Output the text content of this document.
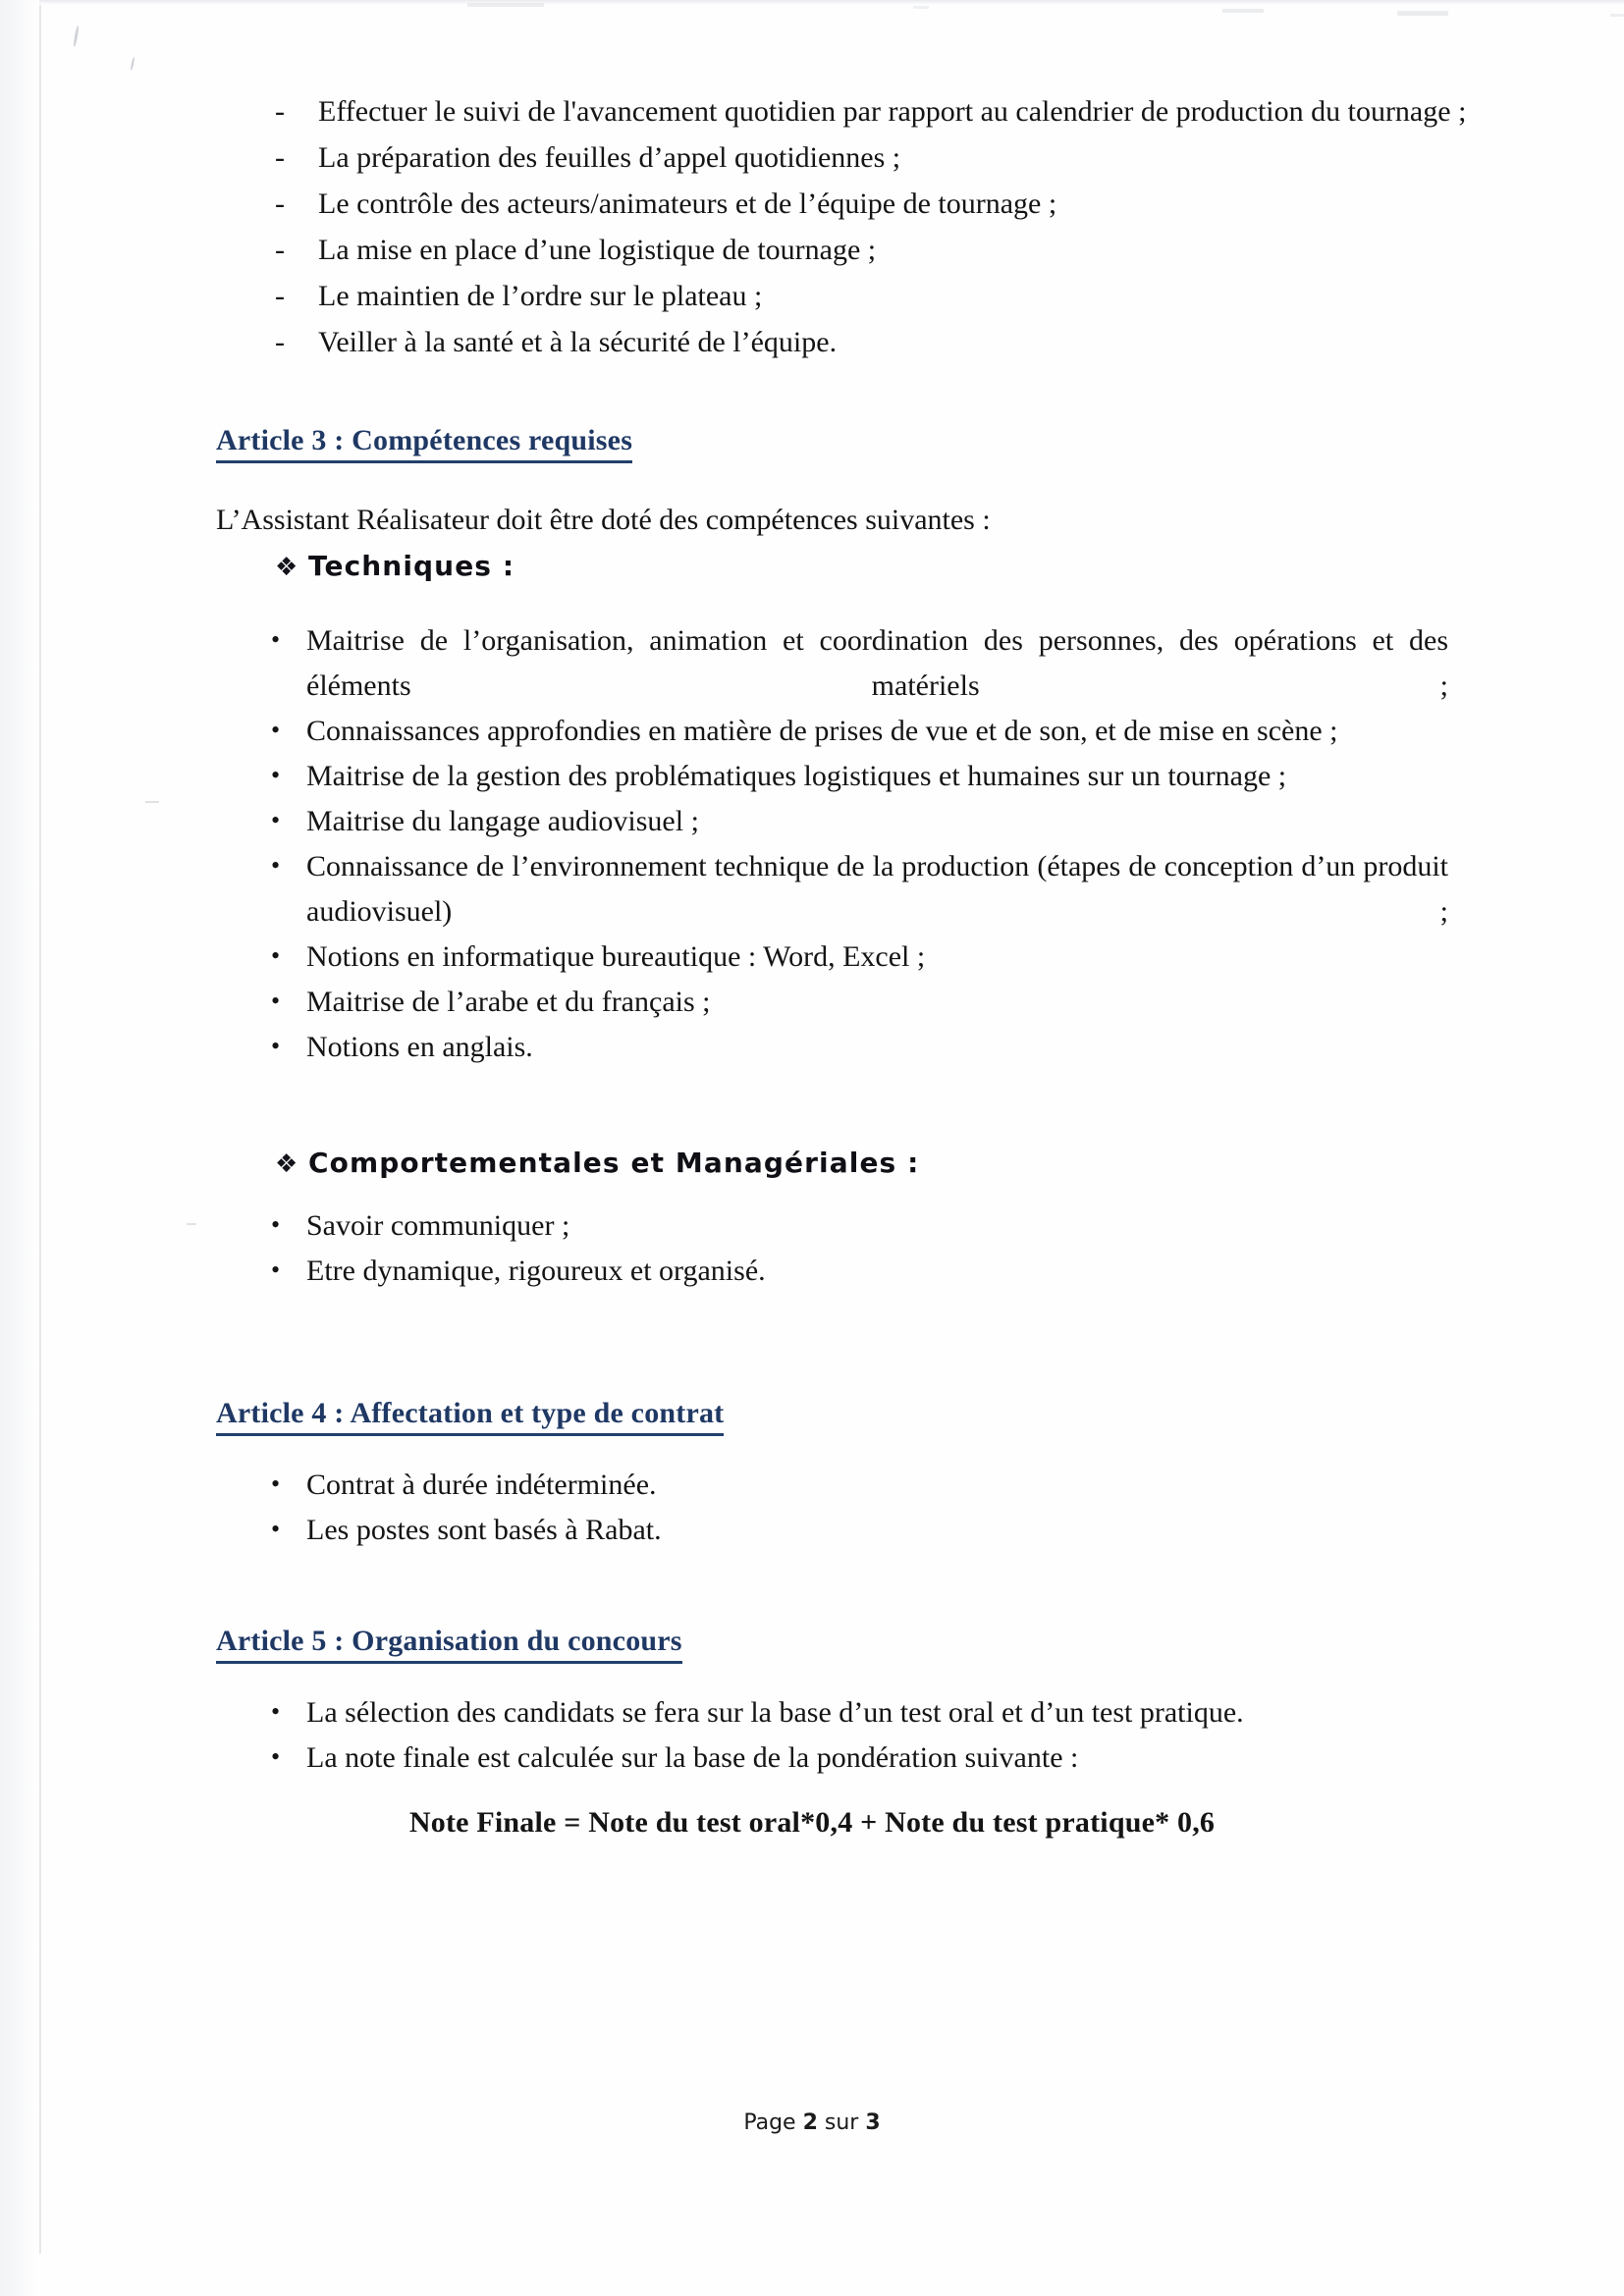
- Effectuer le suivi de l'avancement quotidien par rapport au calendrier de production du tournage ;
- La préparation des feuilles d’appel quotidiennes ;
- Le contrôle des acteurs/animateurs et de l’équipe de tournage ;
- La mise en place d’une logistique de tournage ;
- Le maintien de l’ordre sur le plateau ;
- Veiller à la santé et à la sécurité de l’équipe.
Article 3 : Compétences requises
L’Assistant Réalisateur doit être doté des compétences suivantes :
❖ Techniques :
• Maitrise de l’organisation, animation et coordination des personnes, des opérations et des éléments matériels ;
• Connaissances approfondies en matière de prises de vue et de son, et de mise en scène ;
• Maitrise de la gestion des problématiques logistiques et humaines sur un tournage ;
• Maitrise du langage audiovisuel ;
• Connaissance de l’environnement technique de la production (étapes de conception d’un produit audiovisuel) ;
• Notions en informatique bureautique : Word, Excel ;
• Maitrise de l’arabe et du français ;
• Notions en anglais.
❖ Comportementales et Managériales :
• Savoir communiquer ;
• Etre dynamique, rigoureux et organisé.
Article 4 : Affectation et type de contrat
• Contrat à durée indéterminée.
• Les postes sont basés à Rabat.
Article 5 : Organisation du concours
• La sélection des candidats se fera sur la base d’un test oral et d’un test pratique.
• La note finale est calculée sur la base de la pondération suivante :
Note Finale = Note du test oral*0,4 + Note du test pratique* 0,6
Page 2 sur 3
